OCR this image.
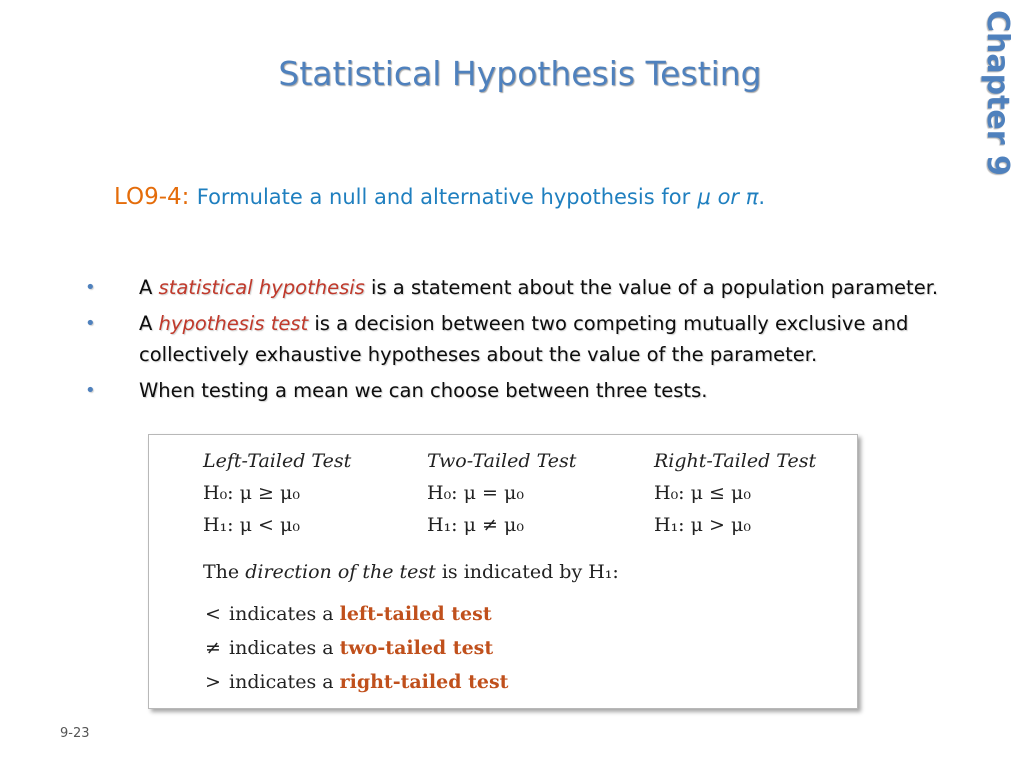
Statistical Hypothesis Testing	Chapter 9
LO9-4: Formulate a null and alternative hypothesis for μ or π.
• A statistical hypothesis is a statement about the value of a population parameter.
• A hypothesis test is a decision between two competing mutually exclusive and collectively exhaustive hypotheses about the value of the parameter.
• When testing a mean we can choose between three tests.
Left-Tailed Test
H₀: μ ≥ μ₀
H₁: μ < μ₀
Two-Tailed Test
H₀: μ = μ₀
H₁: μ ≠ μ₀
Right-Tailed Test
H₀: μ ≤ μ₀
H₁: μ > μ₀
The direction of the test is indicated by H₁:
< indicates a left-tailed test
≠ indicates a two-tailed test
> indicates a right-tailed test
9-23
